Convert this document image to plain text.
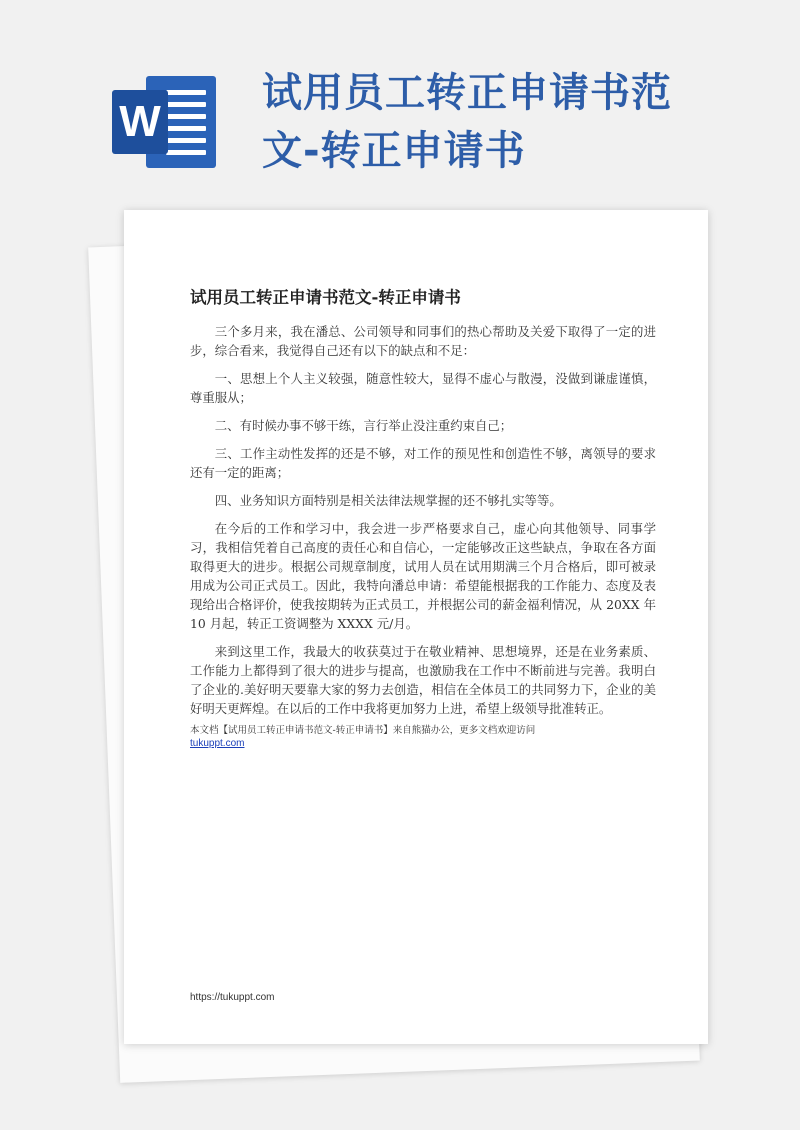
W
试用员工转正申请书范
文-转正申请书
试用员工转正申请书范文-转正申请书

三个多月来，我在潘总、公司领导和同事们的热心帮助及关爱下取得了一定的进步，综合看来，我觉得自己还有以下的缺点和不足：

一、思想上个人主义较强，随意性较大，显得不虚心与散漫，没做到谦虚谨慎，尊重服从；

二、有时候办事不够干练，言行举止没注重约束自己；

三、工作主动性发挥的还是不够，对工作的预见性和创造性不够，离领导的要求还有一定的距离；

四、业务知识方面特别是相关法律法规掌握的还不够扎实等等。

在今后的工作和学习中，我会进一步严格要求自己，虚心向其他领导、同事学习，我相信凭着自己高度的责任心和自信心，一定能够改正这些缺点，争取在各方面取得更大的进步。根据公司规章制度，试用人员在试用期满三个月合格后，即可被录用成为公司正式员工。因此，我特向潘总申请：希望能根据我的工作能力、态度及表现给出合格评价，使我按期转为正式员工，并根据公司的薪金福利情况，从 20XX 年 10 月起，转正工资调整为 XXXX 元/月。

来到这里工作，我最大的收获莫过于在敬业精神、思想境界，还是在业务素质、工作能力上都得到了很大的进步与提高，也激励我在工作中不断前进与完善。我明白了企业的.美好明天要靠大家的努力去创造，相信在全体员工的共同努力下，企业的美好明天更辉煌。在以后的工作中我将更加努力上进，希望上级领导批准转正。

本文档【试用员工转正申请书范文-转正申请书】来自熊猫办公，更多文档欢迎访问
tukuppt.com
https://tukuppt.com
